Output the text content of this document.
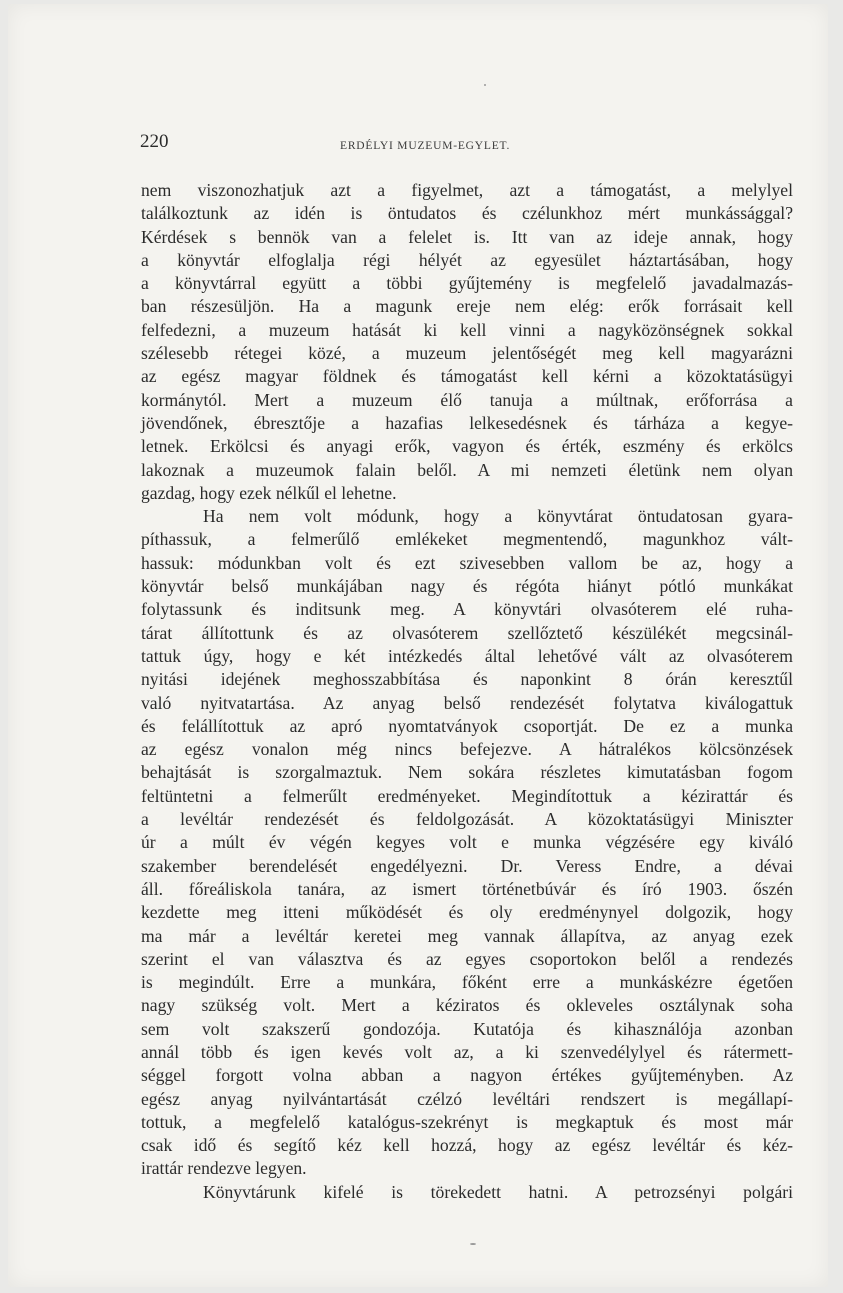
220	ERDÉLYI MUZEUM-EGYLET.

nem viszonozhatjuk azt a figyelmet, azt a támogatást, a melylyel
találkoztunk az idén is öntudatos és czélunkhoz mért munkássággal?
Kérdések s bennök van a felelet is. Itt van az ideje annak, hogy
a könyvtár elfoglalja régi hélyét az egyesület háztartásában, hogy
a könyvtárral együtt a többi gyűjtemény is megfelelő javadalmazás-
ban részesüljön. Ha a magunk ereje nem elég: erők forrásait kell
felfedezni, a muzeum hatását ki kell vinni a nagyközönségnek sokkal
szélesebb rétegei közé, a muzeum jelentőségét meg kell magyarázni
az egész magyar földnek és támogatást kell kérni a közoktatásügyi
kormánytól. Mert a muzeum élő tanuja a múltnak, erőforrása a
jövendőnek, ébresztője a hazafias lelkesedésnek és tárháza a kegye-
letnek. Erkölcsi és anyagi erők, vagyon és érték, eszmény és erkölcs
lakoznak a muzeumok falain belől. A mi nemzeti életünk nem olyan
gazdag, hogy ezek nélkűl el lehetne.
Ha nem volt módunk, hogy a könyvtárat öntudatosan gyara-
píthassuk, a felmerűlő emlékeket megmentendő, magunkhoz vált-
hassuk: módunkban volt és ezt szivesebben vallom be az, hogy a
könyvtár belső munkájában nagy és régóta hiányt pótló munkákat
folytassunk és inditsunk meg. A könyvtári olvasóterem elé ruha-
tárat állítottunk és az olvasóterem szellőztető készülékét megcsinál-
tattuk úgy, hogy e két intézkedés által lehetővé vált az olvasóterem
nyitási idejének meghosszabbítása és naponkint 8 órán keresztűl
való nyitvatartása. Az anyag belső rendezését folytatva kiválogattuk
és felállítottuk az apró nyomtatványok csoportját. De ez a munka
az egész vonalon még nincs befejezve. A hátralékos kölcsönzések
behajtását is szorgalmaztuk. Nem sokára részletes kimutatásban fogom
feltüntetni a felmerűlt eredményeket. Megindítottuk a kézirattár és
a levéltár rendezését és feldolgozását. A közoktatásügyi Miniszter
úr a múlt év végén kegyes volt e munka végzésére egy kiváló
szakember berendelését engedélyezni. Dr. Veress Endre, a dévai
áll. főreáliskola tanára, az ismert történetbúvár és író 1903. őszén
kezdette meg itteni működését és oly eredménynyel dolgozik, hogy
ma már a levéltár keretei meg vannak állapítva, az anyag ezek
szerint el van választva és az egyes csoportokon belől a rendezés
is megindúlt. Erre a munkára, főként erre a munkáskézre égetően
nagy szükség volt. Mert a kéziratos és okleveles osztálynak soha
sem volt szakszerű gondozója. Kutatója és kihasználója azonban
annál több és igen kevés volt az, a ki szenvedélylyel és rátermett-
séggel forgott volna abban a nagyon értékes gyűjteményben. Az
egész anyag nyilvántartását czélzó levéltári rendszert is megállapí-
tottuk, a megfelelő katalógus-szekrényt is megkaptuk és most már
csak idő és segítő kéz kell hozzá, hogy az egész levéltár és kéz-
irattár rendezve legyen.
Könyvtárunk kifelé is törekedett hatni. A petrozsényi polgári
